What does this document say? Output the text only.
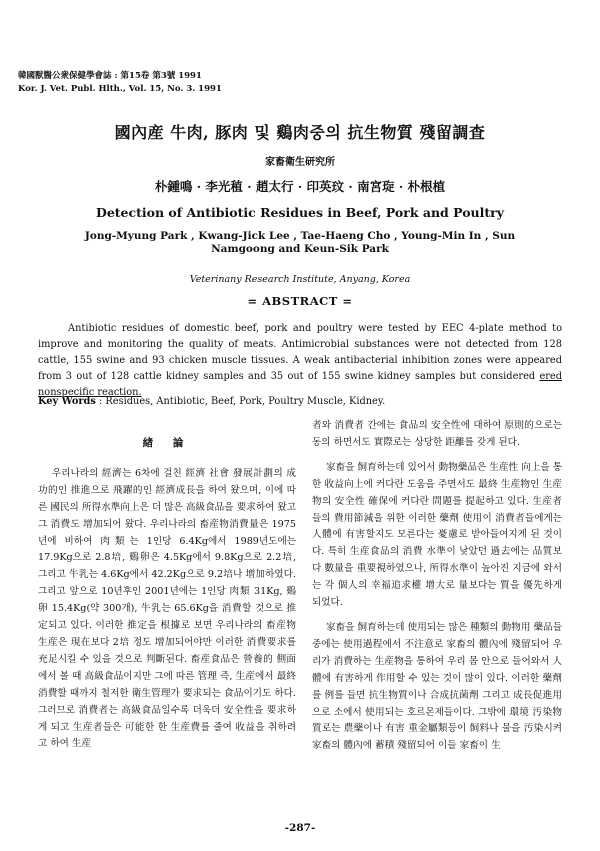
韓國獸醫公衆保健學會誌 : 第15卷 第3號 1991
Kor. J. Vet. Publ. Hlth., Vol. 15, No. 3. 1991
國內産 牛肉, 豚肉 및 鷄肉중의 抗生物質 殘留調査
家畜衛生研究所
朴鍾鳴 · 李光稙 · 趙太行 · 印英玟 · 南宮琁 · 朴根植
Detection of Antibiotic Residues in Beef, Pork and Poultry
Jong-Myung Park , Kwang-Jick Lee , Tae-Haeng Cho , Young-Min In , Sun Namgoong and Keun-Sik Park
Veterinany Research Institute, Anyang, Korea
= ABSTRACT =
Antibiotic residues of domestic beef, pork and poultry were tested by EEC 4-plate method to improve and monitoring the quality of meats. Antimicrobial substances were not detected from 128 cattle, 155 swine and 93 chicken muscle tissues. A weak antibacterial inhibition zones were appeared from 3 out of 128 cattle kidney samples and 35 out of 155 swine kidney samples but considered ered nonspecific reaction.
Key Words : Residues, Antibiotic, Beef, Pork, Poultry Muscle, Kidney.
緖 論

우리나라의 經濟는 6차에 걸친 經濟 社會 發展計劃의 成功的인 推進으로 飛躍的인 經濟成長을 하여 왔으며, 이에 따른 國民의 所得水準向上은 더 많은 高級食品을 要求하여 왔고 그 消費도 增加되어 왔다. 우리나라의 畜産物消費量은 1975년에 비하여 肉類는 1인당 6.4Kg에서 1989년도에는 17.9Kg으로 2.8培, 鷄卵은 4.5Kg에서 9.8Kg으로 2.2培, 그리고 牛乳는 4.6Kg에서 42.2Kg으로 9.2培나 增加하였다. 그리고 앞으로 10년후인 2001년에는 1인당 肉類 31Kg, 鷄卵 15.4Kg(약 300개), 牛乳는 65.6Kg을 消費할 것으로 推定되고 있다. 이러한 推定을 根據로 보면 우리나라의 畜産物生産은 現在보다 2培 정도 增加되어야만 이러한 消費要求를 充足시킬 수 있을 것으로 判斷된다. 畜産食品은 營養的 側面에서 볼 때 高級食品이지만 그에 따른 管理 즉, 生産에서 最終 消費할 때까지 철저한 衛生管理가 要求되는 食品이기도 하다. 그러므로 消費者는 高級食品일수록 더욱더 安全性을 要求하게 되고 生産者들은 可能한 한 生産費를 줄여 收益을 취하려고 하여 生産

者와 消費者 간에는 食品의 安全性에 대하여 原則的으로는 동의 하면서도 實際로는 상당한 距離를 갖게 된다.

家畜을 飼育하는데 있어서 動物藥品은 生産性 向上을 통한 收益向上에 커다란 도움을 주면서도 最終 生産物인 生産物의 安全性 確保에 커다란 問題를 提起하고 있다. 生産者들의 費用節減을 위한 이러한 藥劑 使用이 消費者들에게는 人體에 有害할지도 모른다는 憂慮로 받아들여지게 된 것이다. 특히 生産食品의 消費 水準이 낮았던 過去에는 品質보다 數量을 重要視하였으나, 所得水準이 높아진 지금에 와서는 각 個人의 幸福追求權 增大로 量보다는 質을 優先하게 되었다.

家畜을 飼育하는데 使用되는 많은 種類의 動物用 藥品들 중에는 使用過程에서 不注意로 家畜의 體內에 殘留되어 우리가 消費하는 生産物을 통하여 우리 몸 안으로 들어와서 人體에 有害하게 作用할 수 있는 것이 많이 있다. 이러한 藥劑를 例를 들면 抗生物質이나 合成抗菌劑 그리고 成長促進用으로 소에서 使用되는 호르몬제들이다. 그밖에 環境 汚染物質로는 農藥이나 有害 重金屬類등이 飼料나 물을 汚染시켜 家畜의 體內에 蓄積 殘留되어 이들 家畜이 生

-287-
